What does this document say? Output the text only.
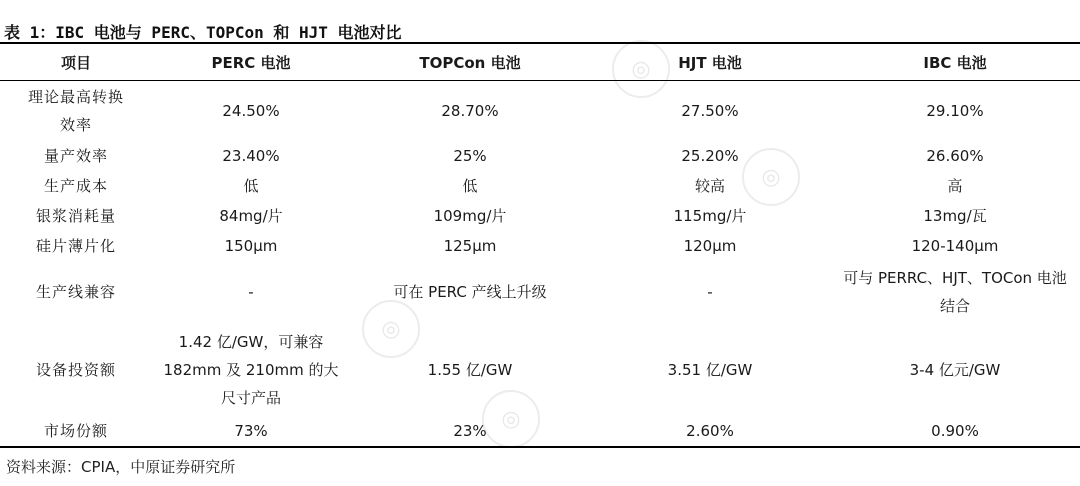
表 1：IBC 电池与 PERC、TOPCon 和 HJT 电池对比
◎
◎
◎
◎
项目	PERC 电池	TOPCon 电池	HJT 电池	IBC 电池
理论最高转换效率	24.50%	28.70%	27.50%	29.10%
量产效率	23.40%	25%	25.20%	26.60%
生产成本	低	低	较高	高
银浆消耗量	84mg/片	109mg/片	115mg/片	13mg/瓦
硅片薄片化	150μm	125μm	120μm	120-140μm
生产线兼容	-	可在 PERC 产线上升级	-	可与 PERRC、HJT、TOCon 电池结合
设备投资额	1.42 亿/GW，可兼容182mm 及 210mm 的大尺寸产品	1.55 亿/GW	3.51 亿/GW	3-4 亿元/GW
市场份额	73%	23%	2.60%	0.90%
资料来源：CPIA，中原证券研究所
